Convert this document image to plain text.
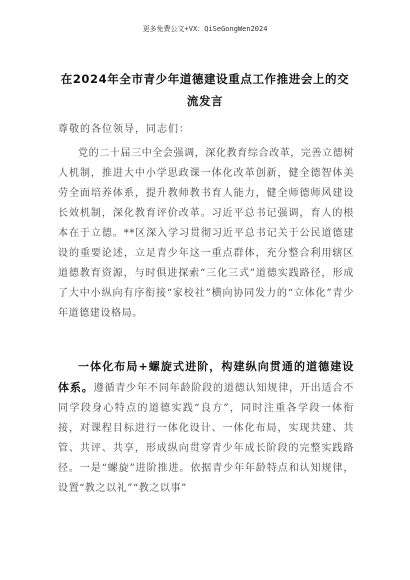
更多免费公文+VX：QiSeGongWen2024
在2024年全市青少年道德建设重点工作推进会上的交流发言
尊敬的各位领导，同志们：

党的二十届三中全会强调，深化教育综合改革，完善立德树人机制，推进大中小学思政课一体化改革创新，健全德智体美劳全面培养体系，提升教师教书育人能力，健全师德师风建设长效机制，深化教育评价改革。习近平总书记强调，育人的根本在于立德。**区深入学习贯彻习近平总书记关于公民道德建设的重要论述，立足青少年这一重点群体，充分整合利用辖区道德教育资源，与时俱进探索“三化三式”道德实践路径，形成了大中小纵向有序衔接“家校社”横向协同发力的“立体化”青少年道德建设格局。

一体化布局+螺旋式进阶，构建纵向贯通的道德建设体系。遵循青少年不同年龄阶段的道德认知规律，开出适合不同学段身心特点的道德实践“良方”，同时注重各学段一体衔接，对课程目标进行一体化设计、一体化布局，实现共建、共管、共评、共享，形成纵向贯穿青少年成长阶段的完整实践路径。一是“螺旋”进阶推进。依据青少年年龄特点和认知规律，设置“教之以礼”“教之以事”
